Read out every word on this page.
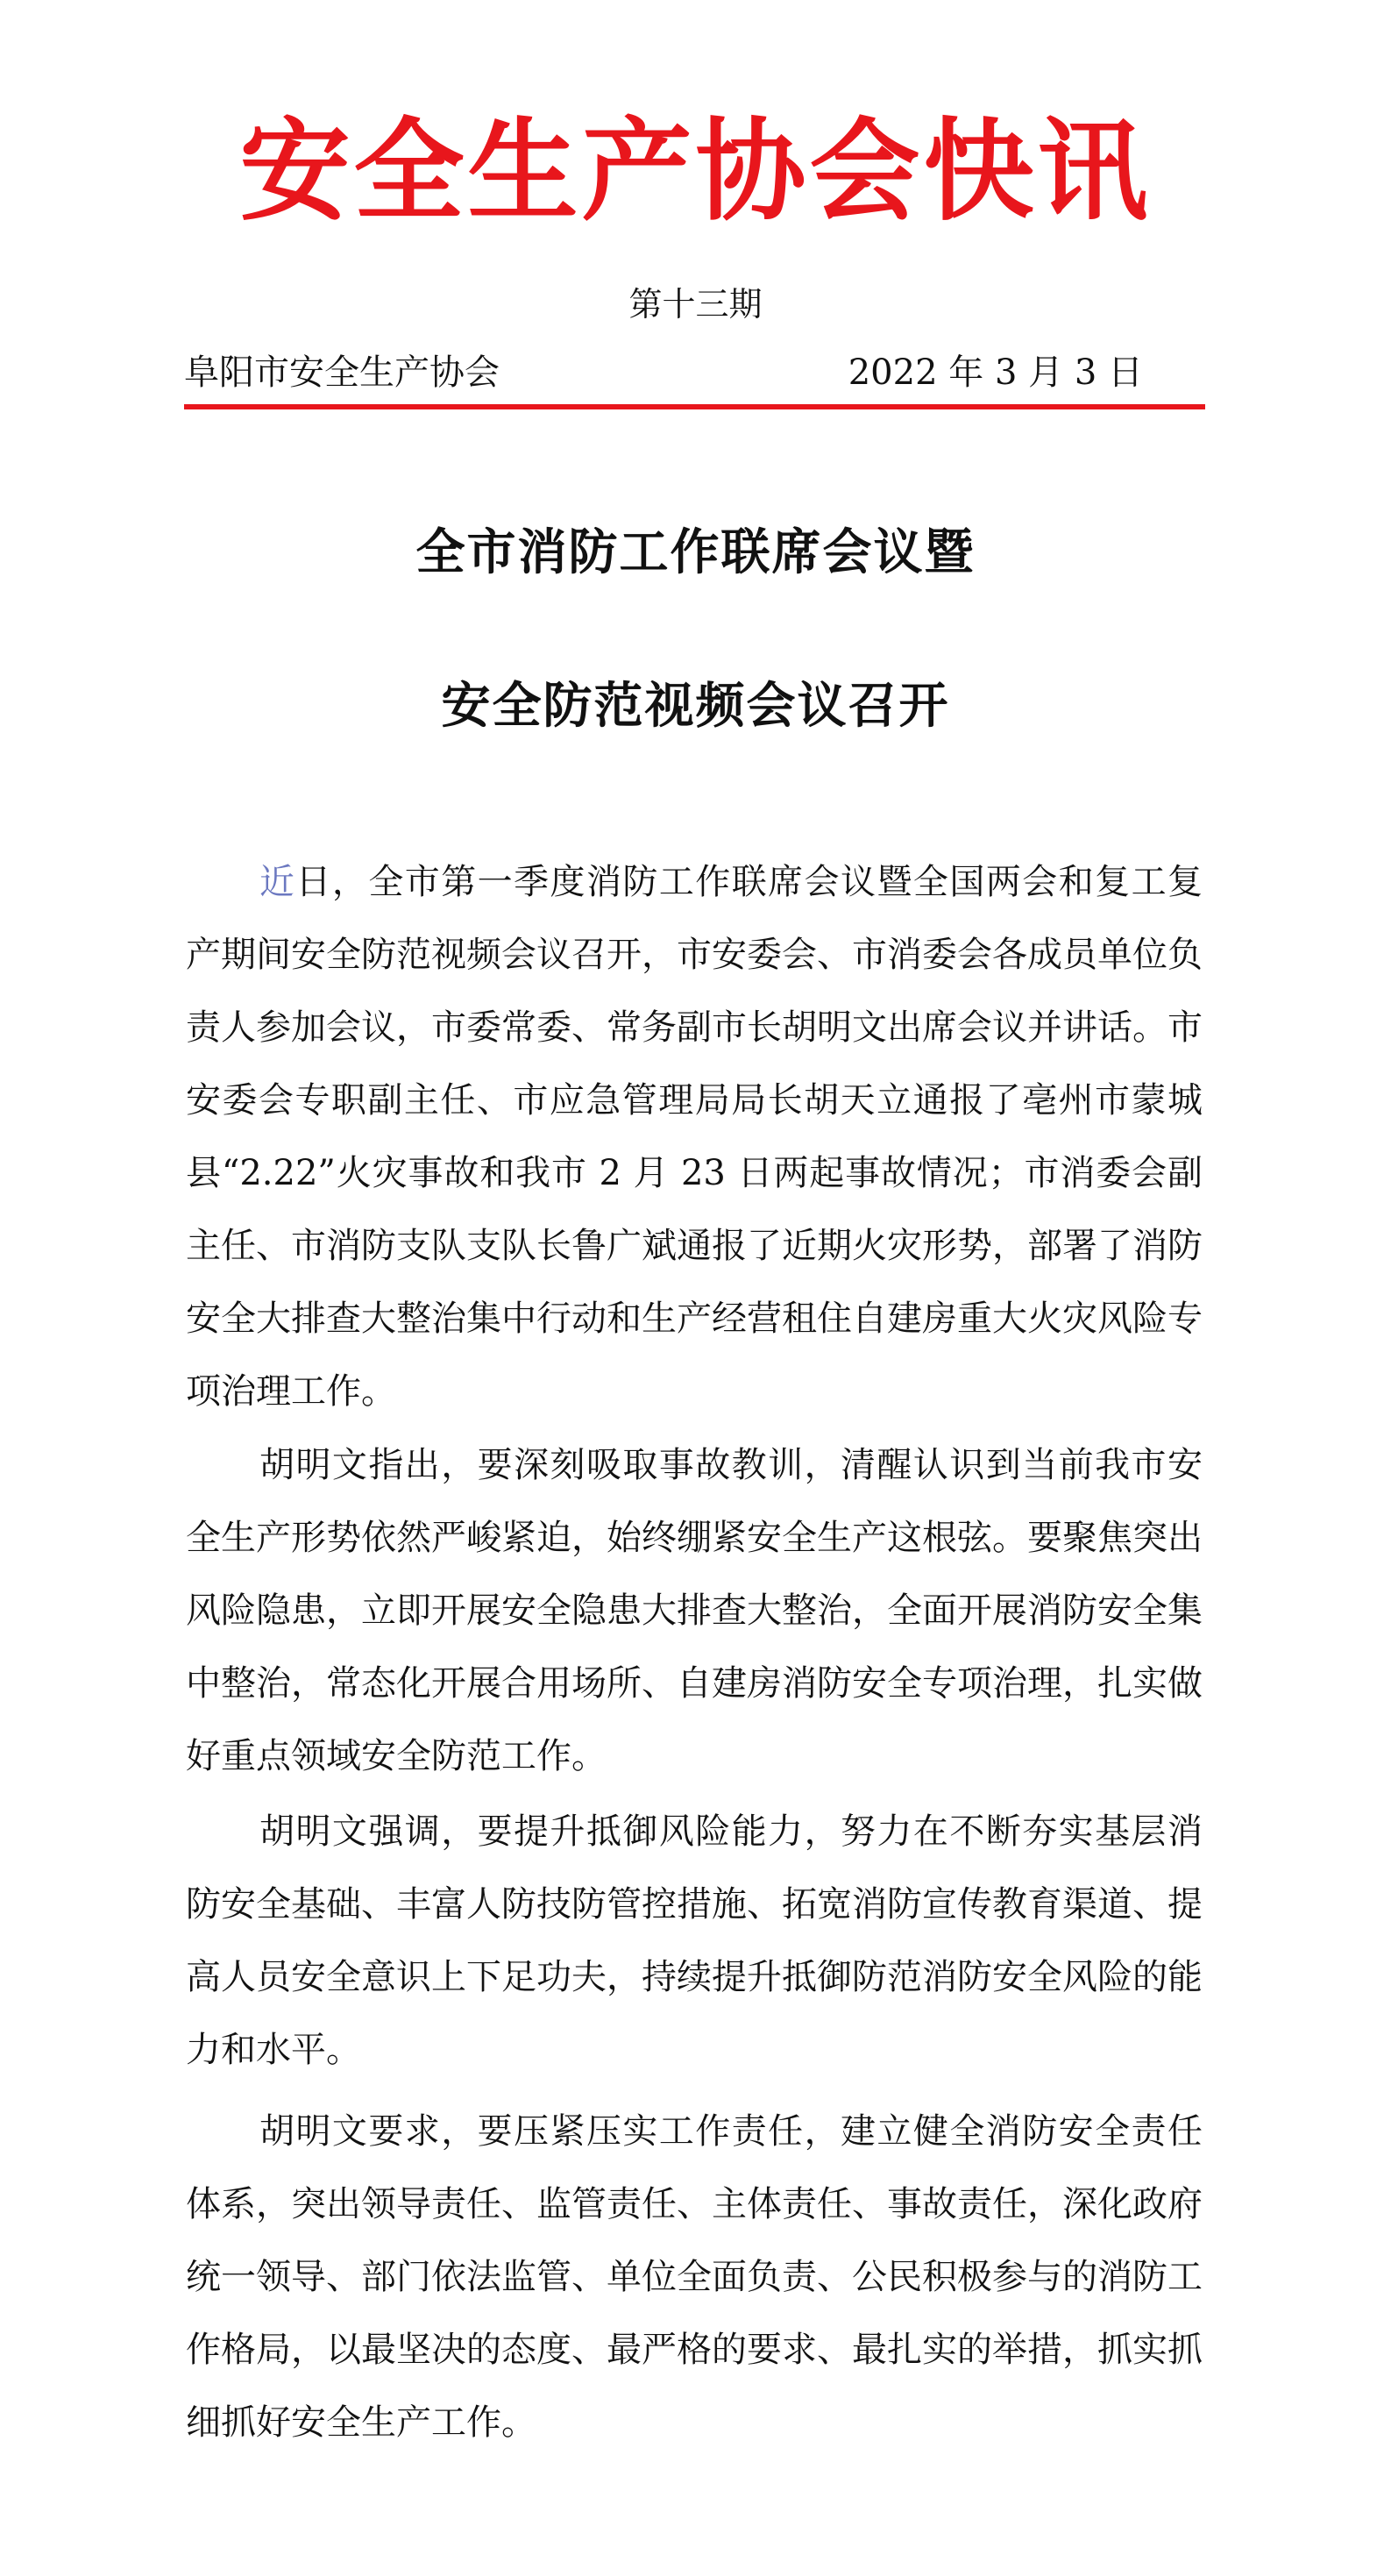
安全生产协会快讯
第十三期
阜阳市安全生产协会	2022 年 3 月 3 日
全市消防工作联席会议暨
安全防范视频会议召开

近日，全市第一季度消防工作联席会议暨全国两会和复工复产期间安全防范视频会议召开，市安委会、市消委会各成员单位负责人参加会议，市委常委、常务副市长胡明文出席会议并讲话。市安委会专职副主任、市应急管理局局长胡天立通报了亳州市蒙城县“2.22”火灾事故和我市 2 月 23 日两起事故情况；市消委会副主任、市消防支队支队长鲁广斌通报了近期火灾形势，部署了消防安全大排查大整治集中行动和生产经营租住自建房重大火灾风险专项治理工作。

胡明文指出，要深刻吸取事故教训，清醒认识到当前我市安全生产形势依然严峻紧迫，始终绷紧安全生产这根弦。要聚焦突出风险隐患，立即开展安全隐患大排查大整治，全面开展消防安全集中整治，常态化开展合用场所、自建房消防安全专项治理，扎实做好重点领域安全防范工作。

胡明文强调，要提升抵御风险能力，努力在不断夯实基层消防安全基础、丰富人防技防管控措施、拓宽消防宣传教育渠道、提高人员安全意识上下足功夫，持续提升抵御防范消防安全风险的能力和水平。

胡明文要求，要压紧压实工作责任，建立健全消防安全责任体系，突出领导责任、监管责任、主体责任、事故责任，深化政府统一领导、部门依法监管、单位全面负责、公民积极参与的消防工作格局，以最坚决的态度、最严格的要求、最扎实的举措，抓实抓细抓好安全生产工作。
